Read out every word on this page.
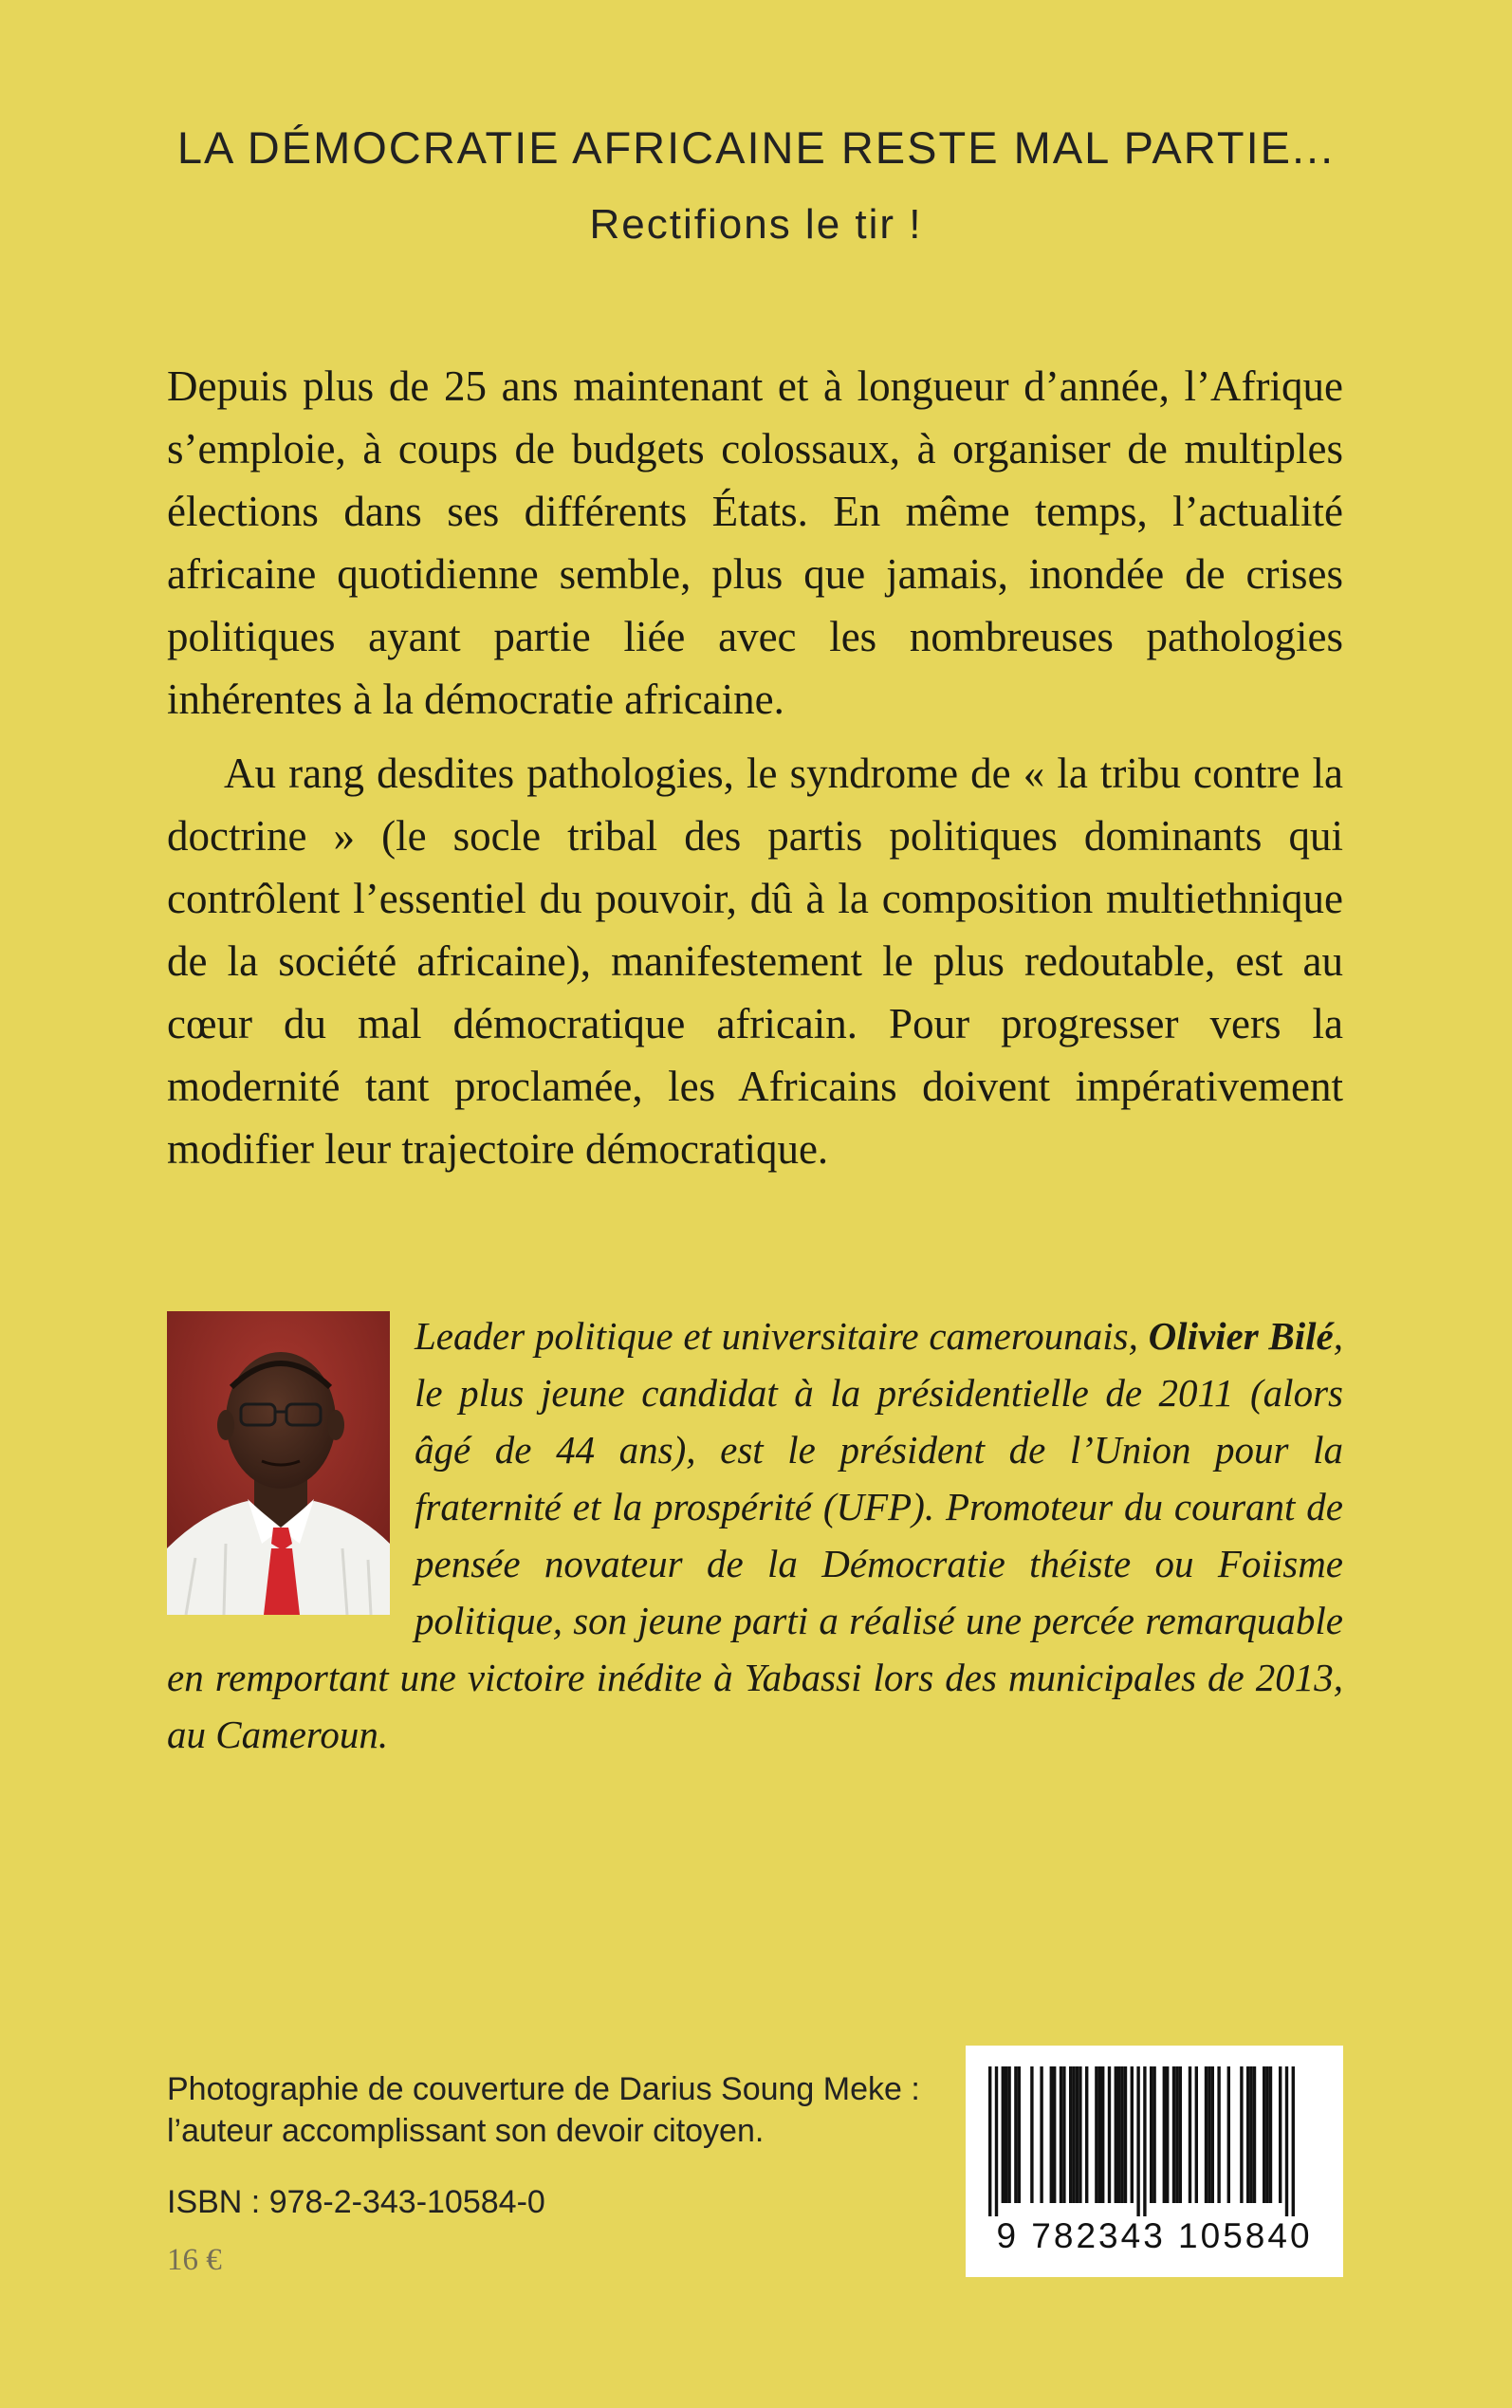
LA DÉMOCRATIE AFRICAINE RESTE MAL PARTIE...
Rectifions le tir !

Depuis plus de 25 ans maintenant et à longueur d’année, l’Afrique s’emploie, à coups de budgets colossaux, à organiser de multiples élections dans ses différents États. En même temps, l’actualité africaine quotidienne semble, plus que jamais, inondée de crises politiques ayant partie liée avec les nombreuses pathologies inhérentes à la démocratie africaine.

Au rang desdites pathologies, le syndrome de « la tribu contre la doctrine » (le socle tribal des partis politiques dominants qui contrôlent l’essentiel du pouvoir, dû à la composition multiethnique de la société africaine), manifestement le plus redoutable, est au cœur du mal démocratique africain. Pour progresser vers la modernité tant proclamée, les Africains doivent impérativement modifier leur trajectoire démocratique.

Leader politique et universitaire camerounais, Olivier Bilé, le plus jeune candidat à la présidentielle de 2011 (alors âgé de 44 ans), est le président de l’Union pour la fraternité et la prospérité (UFP). Promoteur du courant de pensée novateur de la Démocratie théiste ou Foiisme politique, son jeune parti a réalisé une percée remarquable en remportant une victoire inédite à Yabassi lors des municipales de 2013, au Cameroun.

Photographie de couverture de Darius Soung Meke : l’auteur accomplissant son devoir citoyen.
ISBN : 978-2-343-10584-0
16 €
9 782343 105840
